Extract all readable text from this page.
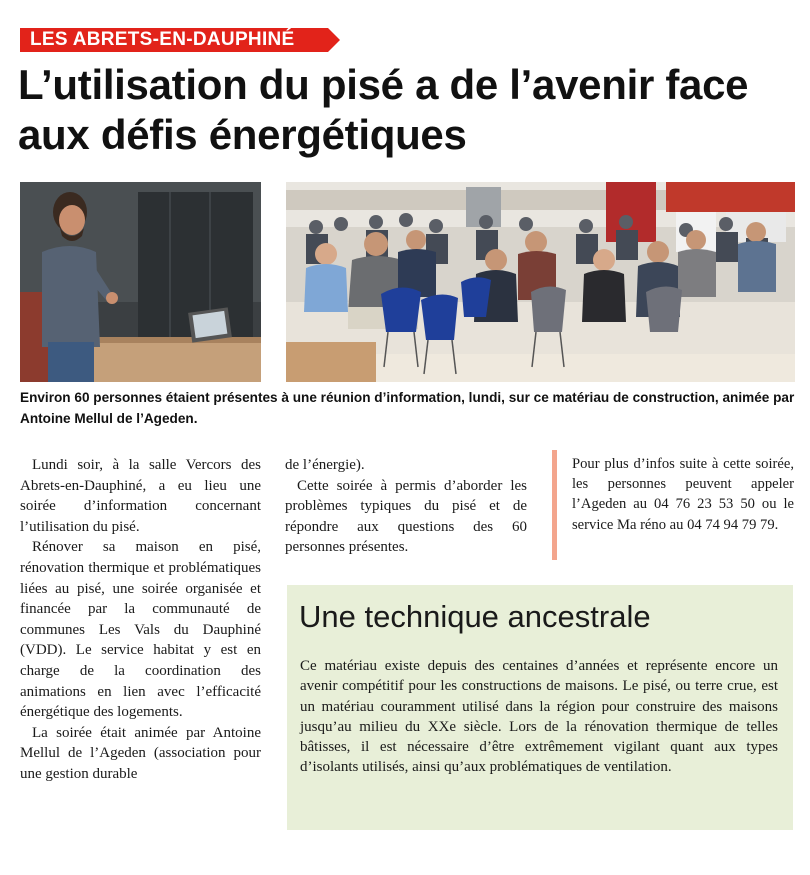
LES ABRETS-EN-DAUPHINÉ
L’utilisation du pisé a de l’avenir face aux défis énergétiques

Environ 60 personnes étaient présentes à une réunion d’information, lundi, sur ce matériau de construction, animée par Antoine Mellul de l’Ageden.

Lundi soir, à la salle Vercors des Abrets-en-Dauphiné, a eu lieu une soirée d’information concernant l’utilisation du pisé.

Rénover sa maison en pisé, rénovation thermique et problématiques liées au pisé, une soirée organisée et financée par la communauté de communes Les Vals du Dauphiné (VDD). Le service habitat y est en charge de la coordination des animations en lien avec l’efficacité énergétique des logements.

La soirée était animée par Antoine Mellul de l’Ageden (association pour une gestion durable

de l’énergie).

Cette soirée à permis d’aborder les problèmes typiques du pisé et de répondre aux questions des 60 personnes présentes.

Pour plus d’infos suite à cette soirée, les personnes peuvent appeler l’Ageden au 04 76 23 53 50 ou le service Ma réno au 04 74 94 79 79.

Une technique ancestrale

Ce matériau existe depuis des centaines d’années et représente encore un avenir compétitif pour les constructions de maisons. Le pisé, ou terre crue, est un matériau couramment utilisé dans la région pour construire des maisons jusqu’au milieu du XXe siècle. Lors de la rénovation thermique de telles bâtisses, il est nécessaire d’être extrêmement vigilant quant aux types d’isolants utilisés, ainsi qu’aux problématiques de ventilation.
